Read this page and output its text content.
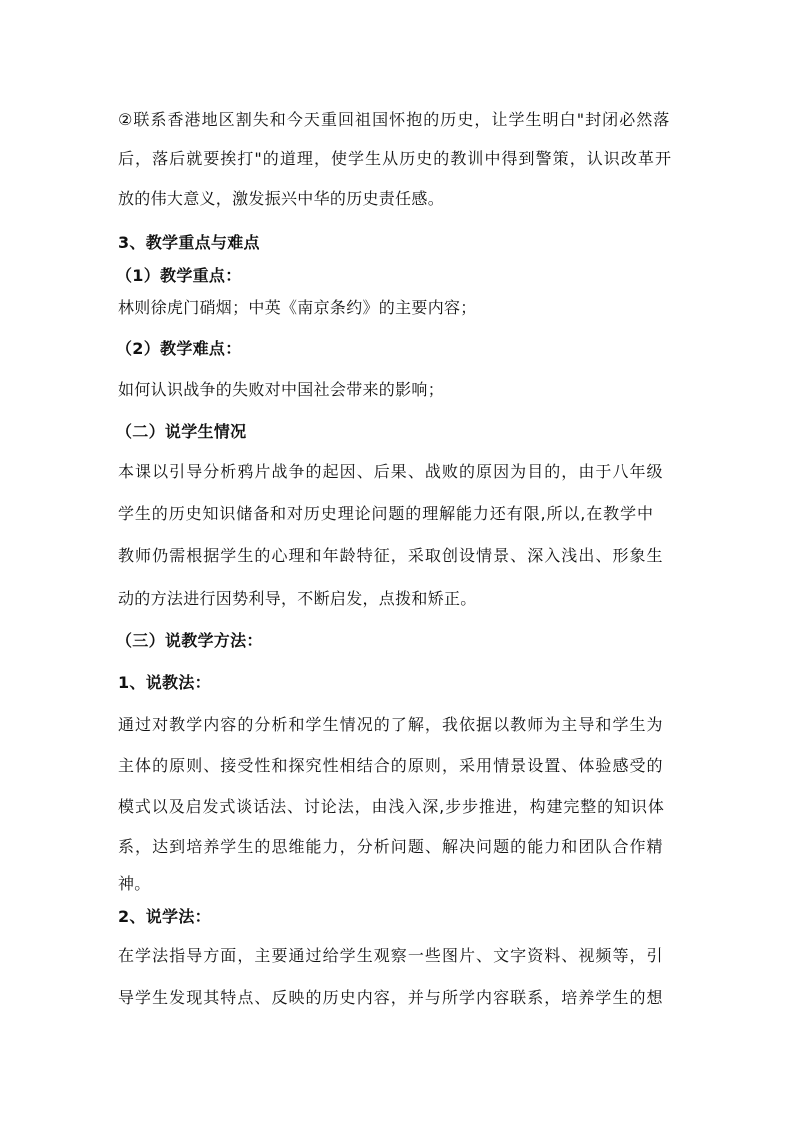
②联系香港地区割失和今天重回祖国怀抱的历史，让学生明白"封闭必然落
后，落后就要挨打"的道理，使学生从历史的教训中得到警策，认识改革开
放的伟大意义，激发振兴中华的历史责任感。
3、教学重点与难点
（1）教学重点：
林则徐虎门硝烟；中英《南京条约》的主要内容；
（2）教学难点：
如何认识战争的失败对中国社会带来的影响；
（二）说学生情况
本课以引导分析鸦片战争的起因、后果、战败的原因为目的，由于八年级
学生的历史知识储备和对历史理论问题的理解能力还有限,所以,在教学中
教师仍需根据学生的心理和年龄特征，采取创设情景、深入浅出、形象生
动的方法进行因势利导，不断启发，点拨和矫正。
（三）说教学方法：
1、说教法：
通过对教学内容的分析和学生情况的了解，我依据以教师为主导和学生为
主体的原则、接受性和探究性相结合的原则，采用情景设置、体验感受的
模式以及启发式谈话法、讨论法，由浅入深,步步推进，构建完整的知识体
系，达到培养学生的思维能力，分析问题、解决问题的能力和团队合作精
神。
2、说学法：
在学法指导方面，主要通过给学生观察一些图片、文字资料、视频等，引
导学生发现其特点、反映的历史内容，并与所学内容联系，培养学生的想
